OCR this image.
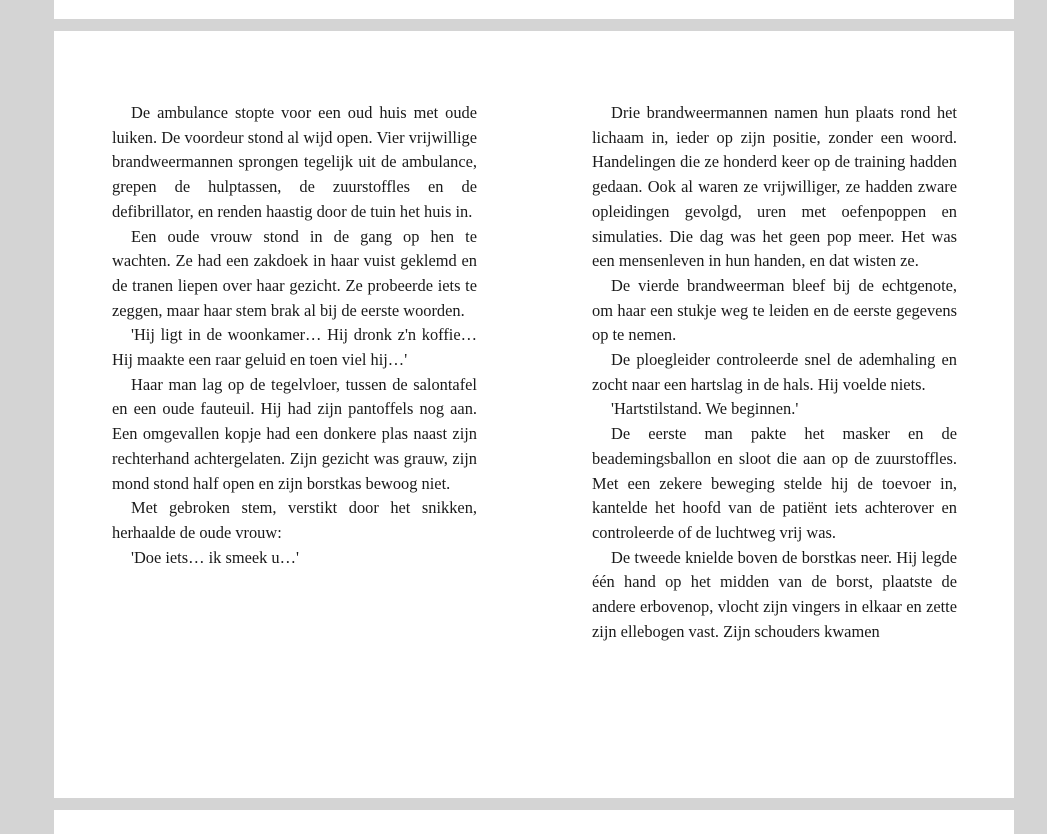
De ambulance stopte voor een oud huis met oude luiken. De voordeur stond al wijd open. Vier vrijwillige brandweermannen sprongen tegelijk uit de ambulance, grepen de hulptassen, de zuurstoffles en de defibrillator, en renden haastig door de tuin het huis in.

Een oude vrouw stond in de gang op hen te wachten. Ze had een zakdoek in haar vuist geklemd en de tranen liepen over haar gezicht. Ze probeerde iets te zeggen, maar haar stem brak al bij de eerste woorden.

'Hij ligt in de woonkamer… Hij dronk z'n koffie… Hij maakte een raar geluid en toen viel hij…'

Haar man lag op de tegelvloer, tussen de salontafel en een oude fauteuil. Hij had zijn pantoffels nog aan. Een omgevallen kopje had een donkere plas naast zijn rechterhand achtergelaten. Zijn gezicht was grauw, zijn mond stond half open en zijn borstkas bewoog niet.

Met gebroken stem, verstikt door het snikken, herhaalde de oude vrouw:

'Doe iets… ik smeek u…'

Drie brandweermannen namen hun plaats rond het lichaam in, ieder op zijn positie, zonder een woord. Handelingen die ze honderd keer op de training hadden gedaan. Ook al waren ze vrijwilliger, ze hadden zware opleidingen gevolgd, uren met oefenpoppen en simulaties. Die dag was het geen pop meer. Het was een mensenleven in hun handen, en dat wisten ze.

De vierde brandweerman bleef bij de echtgenote, om haar een stukje weg te leiden en de eerste gegevens op te nemen.

De ploegleider controleerde snel de ademhaling en zocht naar een hartslag in de hals. Hij voelde niets.

'Hartstilstand. We beginnen.'

De eerste man pakte het masker en de beademingsballon en sloot die aan op de zuurstoffles. Met een zekere beweging stelde hij de toevoer in, kantelde het hoofd van de patiënt iets achterover en controleerde of de luchtweg vrij was.

De tweede knielde boven de borstkas neer. Hij legde één hand op het midden van de borst, plaatste de andere erbovenop, vlocht zijn vingers in elkaar en zette zijn ellebogen vast. Zijn schouders kwamen
